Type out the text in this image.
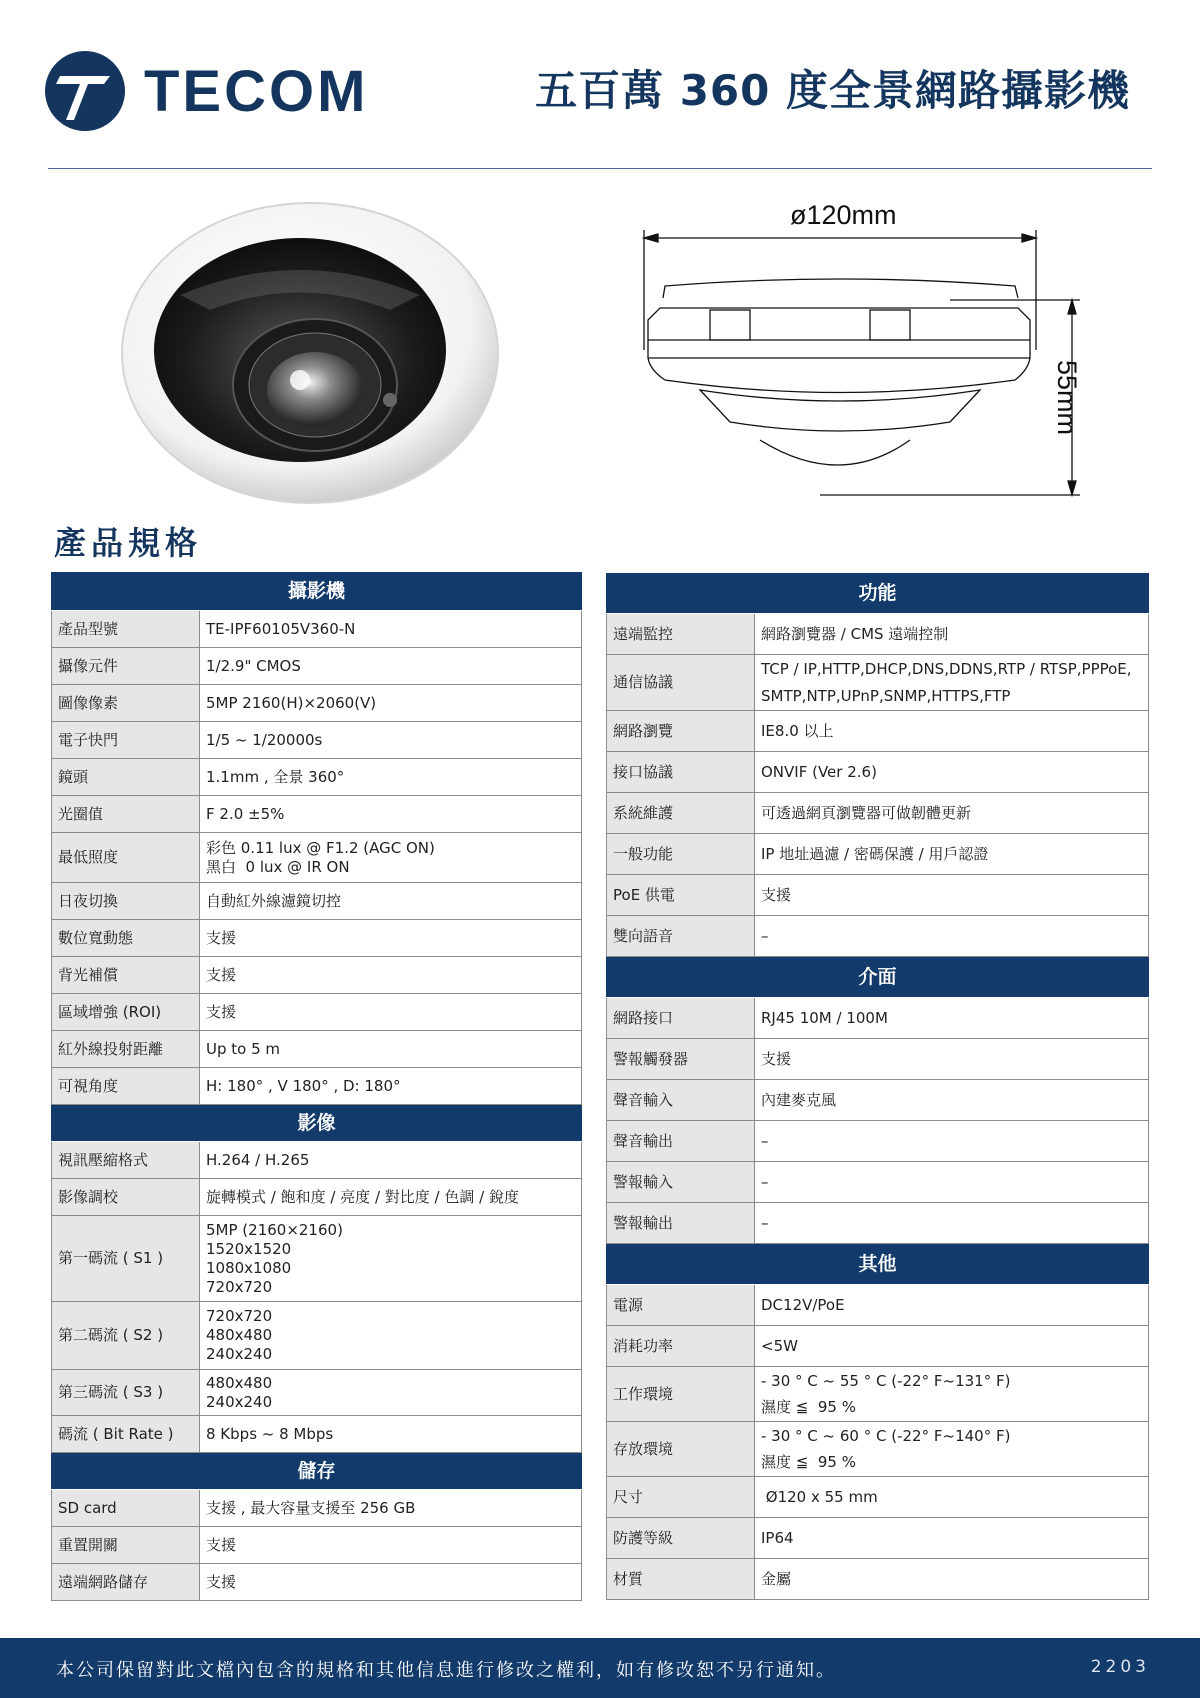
TECOM	五百萬 360 度全景網路攝影機
ø120mm
55mm
產品規格
攝影機	
產品型號	TE-IPF60105V360-N
攝像元件	1/2.9" CMOS
圖像像素	5MP 2160(H)×2060(V)
電子快門	1/5 ~ 1/20000s
鏡頭	1.1mm , 全景 360°
光圈值	F 2.0 ±5%
最低照度	彩色 0.11 lux @ F1.2 (AGC ON)
黑白  0 lux @ IR ON

日夜切換	自動紅外線濾鏡切控
數位寬動態	支援
背光補償	支援
區域增強 (ROI)	支援
紅外線投射距離	Up to 5 m
可視角度	H: 180° , V 180° , D: 180°
影像	
視訊壓縮格式	H.264 / H.265
影像調校	旋轉模式 / 飽和度 / 亮度 / 對比度 / 色調 / 銳度
第一碼流 ( S1 )	5MP (2160×2160)
1520x1520
1080x1080
720x720

第二碼流 ( S2 )	720x720
480x480
240x240

第三碼流 ( S3 )	480x480
240x240

碼流 ( Bit Rate )	8 Kbps ~ 8 Mbps
儲存	
SD card	支援 , 最大容量支援至 256 GB
重置開關	支援
遠端網路儲存	支援
功能	
遠端監控	網路瀏覽器 / CMS 遠端控制
通信協議	TCP / IP,HTTP,DHCP,DNS,DDNS,RTP / RTSP,PPPoE,
SMTP,NTP,UPnP,SNMP,HTTPS,FTP

網路瀏覽	IE8.0 以上
接口協議	ONVIF (Ver 2.6)
系統維護	可透過網頁瀏覽器可做韌體更新
一般功能	IP 地址過濾 / 密碼保護 / 用戶認證
PoE 供電	支援
雙向語音	–
介面	
網路接口	RJ45 10M / 100M
警報觸發器	支援
聲音輸入	內建麥克風
聲音輸出	–
警報輸入	–
警報輸出	–
其他	
電源	DC12V/PoE
消耗功率	<5W
工作環境	- 30 ° C ~ 55 ° C (-22° F~131° F)
濕度 ≦  95 %

存放環境	- 30 ° C ~ 60 ° C (-22° F~140° F)
濕度 ≦  95 %

尺寸	Ø120 x 55 mm
防護等級	IP64
材質	金屬
本公司保留對此文檔內包含的規格和其他信息進行修改之權利，如有修改恕不另行通知。	2203
